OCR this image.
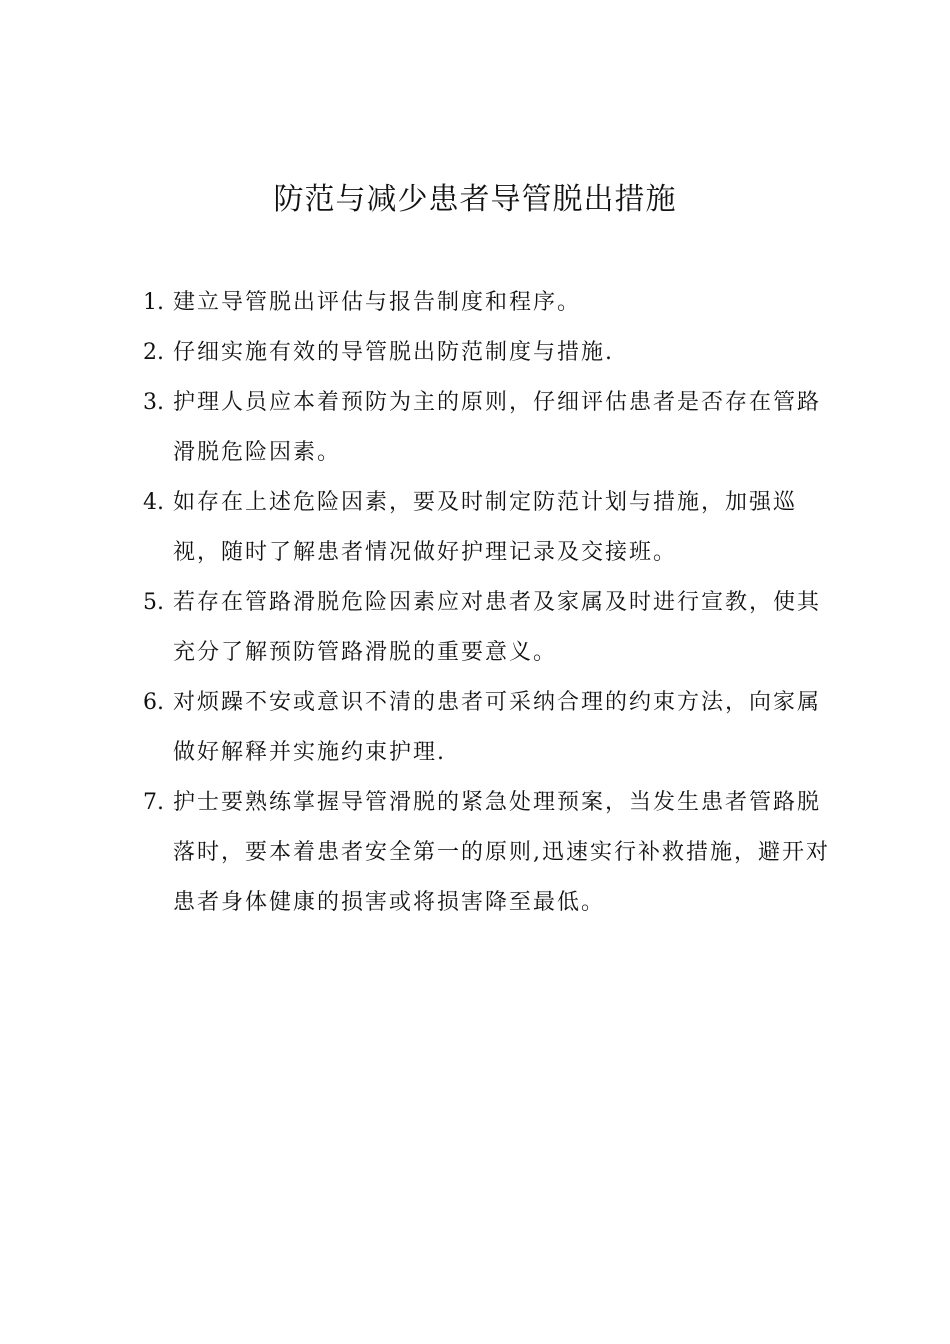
防范与减少患者导管脱出措施
1. 建立导管脱出评估与报告制度和程序。
2. 仔细实施有效的导管脱出防范制度与措施.
3. 护理人员应本着预防为主的原则，仔细评估患者是否存在管路滑脱危险因素。
4. 如存在上述危险因素，要及时制定防范计划与措施，加强巡视，随时了解患者情况做好护理记录及交接班。
5. 若存在管路滑脱危险因素应对患者及家属及时进行宣教，使其充分了解预防管路滑脱的重要意义。
6. 对烦躁不安或意识不清的患者可采纳合理的约束方法，向家属做好解释并实施约束护理.
7. 护士要熟练掌握导管滑脱的紧急处理预案，当发生患者管路脱落时，要本着患者安全第一的原则,迅速实行补救措施，避开对患者身体健康的损害或将损害降至最低。
